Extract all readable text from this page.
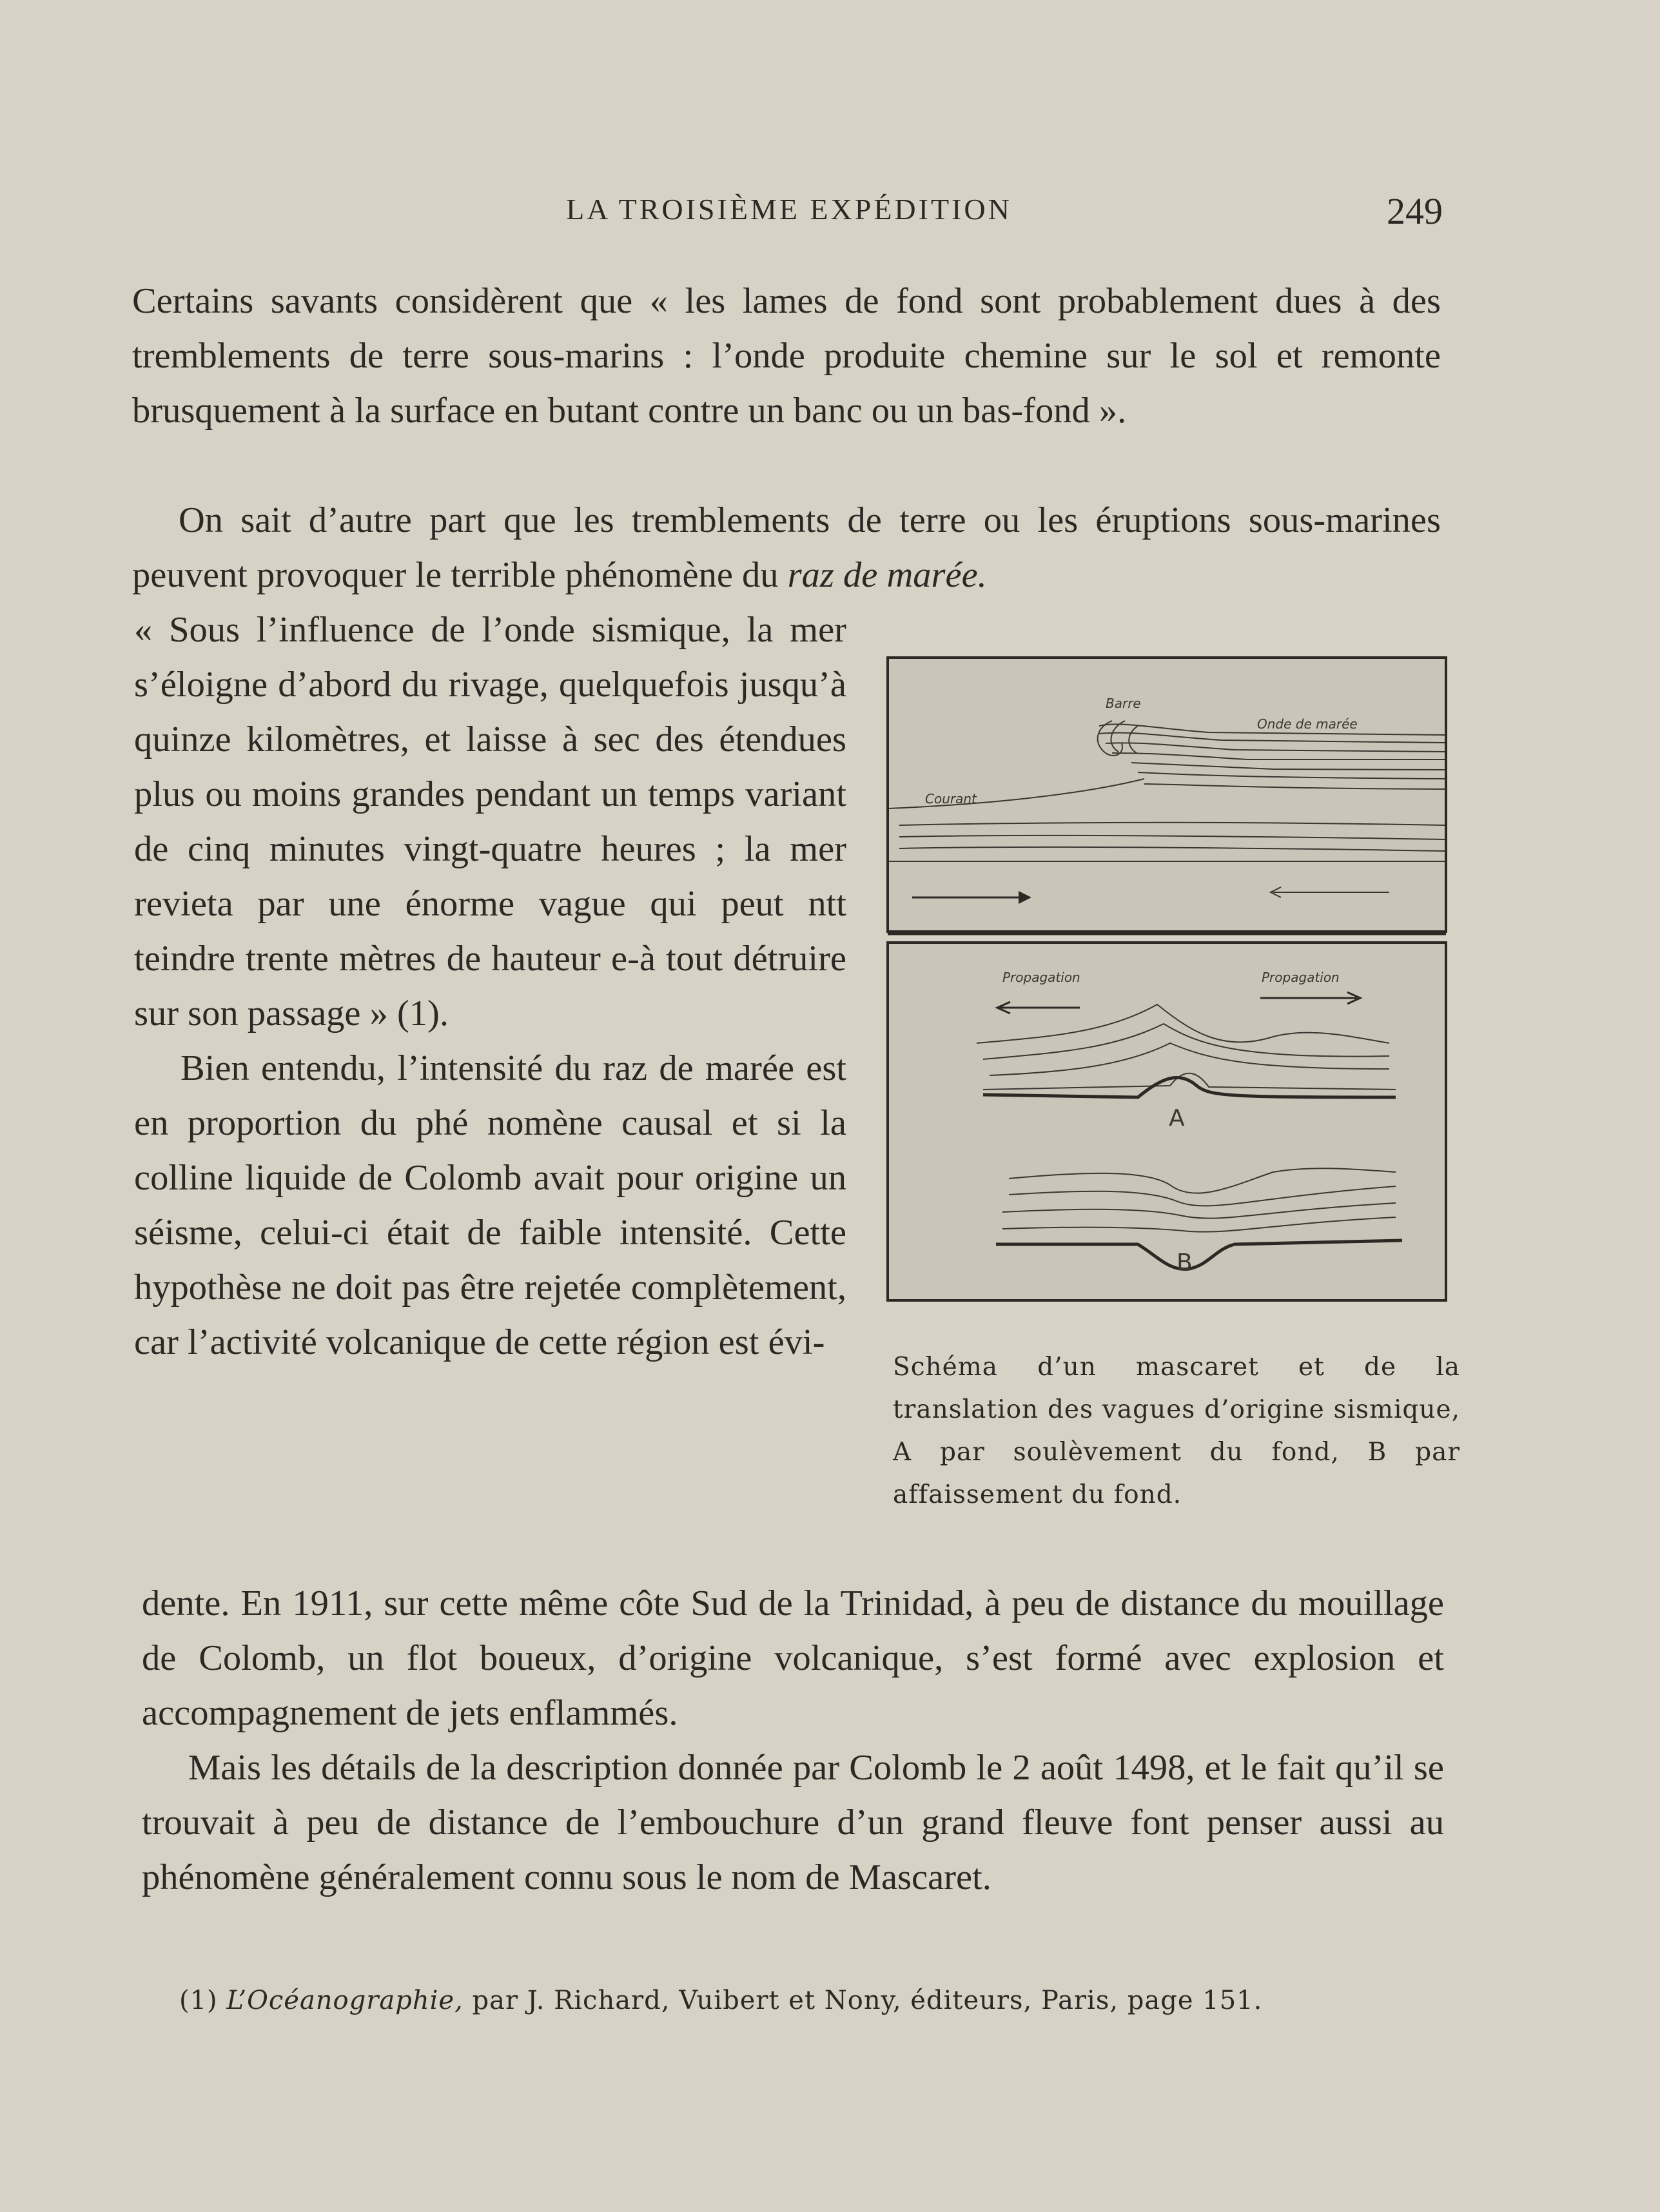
LA TROISIÈME EXPÉDITION	249

Certains savants considèrent que « les lames de fond sont probablement dues à des tremblements de terre sous-marins : l’onde produite chemine sur le sol et remonte brusquement à la surface en butant contre un banc ou un bas-fond ».

On sait d’autre part que les tremblements de terre ou les éruptions sous-marines peuvent provoquer le terrible phénomène du raz de marée.

« Sous l’influence de l’onde sismique, la mer s’éloigne d’abord du rivage, quelquefois jusqu’à quinze kilomètres, et laisse à sec des étendues plus ou moins grandes pendant un temps variant de cinq minutes vingt-quatre heures ; la mer revieta par une énorme vague qui peut ntt teindre trente mètres de hauteur e-à tout détruire sur son passage » (1).

Bien entendu, l’intensité du raz de marée est en proportion du phé nomène causal et si la colline liquide de Colomb avait pour origine un séisme, celui-ci était de faible intensité. Cette hypothèse ne doit pas être rejetée complètement, car l’activité volcanique de cette région est évi-

dente. En 1911, sur cette même côte Sud de la Trinidad, à peu de distance du mouillage de Colomb, un flot boueux, d’origine volcanique, s’est formé avec explosion et accompagnement de jets enflammés.

Mais les détails de la description donnée par Colomb le 2 août 1498, et le fait qu’il se trouvait à peu de distance de l’embouchure d’un grand fleuve font penser aussi au phénomène généralement connu sous le nom de Mascaret.

Barre
Onde de marée
Courant
Propagation	Propagation
A
B
Schéma d’un mascaret et de la translation des vagues d’origine sismique, A par soulèvement du fond, B par affaissement du fond.
(1) L’Océanographie, par J. Richard, Vuibert et Nony, éditeurs, Paris, page 151.
